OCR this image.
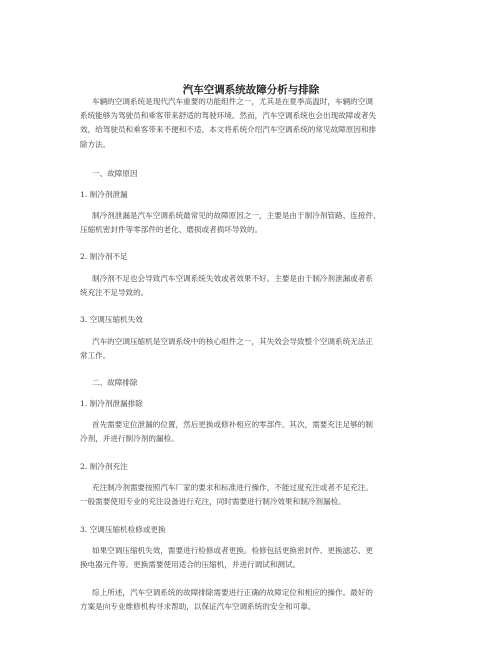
汽车空调系统故障分析与排除
车辆的空调系统是现代汽车重要的功能组件之一，尤其是在夏季高温时，车辆的空调
系统能够为驾驶员和乘客带来舒适的驾驶环境。然而，汽车空调系统也会出现故障或者失
效，给驾驶员和乘客带来不便和不适。本文将系统介绍汽车空调系统的常见故障原因和排
除方法。
一、故障原因
1. 制冷剂泄漏
制冷剂泄漏是汽车空调系统最常见的故障原因之一，主要是由于制冷剂管路、连接件、
压缩机密封件等零部件的老化、磨损或者损坏导致的。
2. 制冷剂不足
制冷剂不足也会导致汽车空调系统失效或者效果不好。主要是由于制冷剂泄漏或者系
统充注不足导致的。
3. 空调压缩机失效
汽车的空调压缩机是空调系统中的核心组件之一，其失效会导致整个空调系统无法正
常工作。
二、故障排除
1. 制冷剂泄漏排除
首先需要定位泄漏的位置，然后更换或修补相应的零部件。其次，需要充注足够的制
冷剂，并进行制冷剂的漏检。
2. 制冷剂充注
充注制冷剂需要按照汽车厂家的要求和标准进行操作，不能过度充注或者不足充注。
一般需要使用专业的充注设备进行充注，同时需要进行制冷效果和制冷剂漏检。
3. 空调压缩机检修或更换
如果空调压缩机失效，需要进行检修或者更换。检修包括更换密封件、更换滤芯、更
换电器元件等。更换需要使用适合的压缩机，并进行调试和测试。
综上所述，汽车空调系统的故障排除需要进行正确的故障定位和相应的操作。最好的
方案是向专业维修机构寻求帮助，以保证汽车空调系统的安全和可靠。
